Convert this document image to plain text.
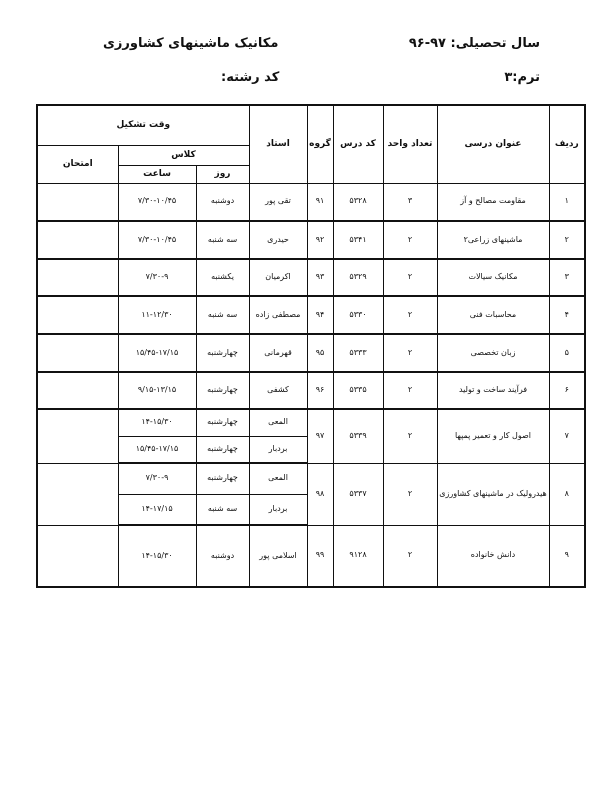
سال تحصیلی: ۹۷-۹۶
مکانیک ماشینهای کشاورزی
ترم:۳
کد رشته:
ردیف	عنوان درسی	تعداد واحد	کد درس	گروه	استاد	وقت تشکیل		
						کلاس		امتحان
						روز	ساعت	
۱	مقاومت مصالح و آز	۳	۵۳۲۸	۹۱	تقی پور	دوشنبه	۷/۳۰-۱۰/۴۵	
۲	ماشینهای زراعی۲	۲	۵۳۴۱	۹۲	حیدری	سه شنبه	۷/۳۰-۱۰/۴۵	
۳	مکانیک سیالات	۲	۵۳۲۹	۹۳	اکرمیان	یکشنبه	۷/۳۰-۹	
۴	محاسبات فنی	۲	۵۳۳۰	۹۴	مصطفی زاده	سه شنبه	۱۱-۱۲/۳۰	
۵	زبان تخصصی	۲	۵۳۳۳	۹۵	قهرمانی	چهارشنبه	۱۵/۴۵-۱۷/۱۵	
۶	فرآیند ساخت و تولید	۲	۵۳۳۵	۹۶	کشفی	چهارشنبه	۹/۱۵-۱۳/۱۵	
۷	اصول کار و تعمیر پمپها	۲	۵۳۳۹	۹۷	المعی	چهارشنبه	۱۴-۱۵/۳۰	
					بردبار	چهارشنبه	۱۵/۴۵-۱۷/۱۵	
۸	هیدرولیک در ماشینهای کشاورزی	۲	۵۳۳۷	۹۸	المعی	چهارشنبه	۷/۳۰-۹	
					بردبار	سه شنبه	۱۴-۱۷/۱۵	
۹	دانش خانواده	۲	۹۱۲۸	۹۹	اسلامی پور	دوشنبه	۱۴-۱۵/۳۰	
